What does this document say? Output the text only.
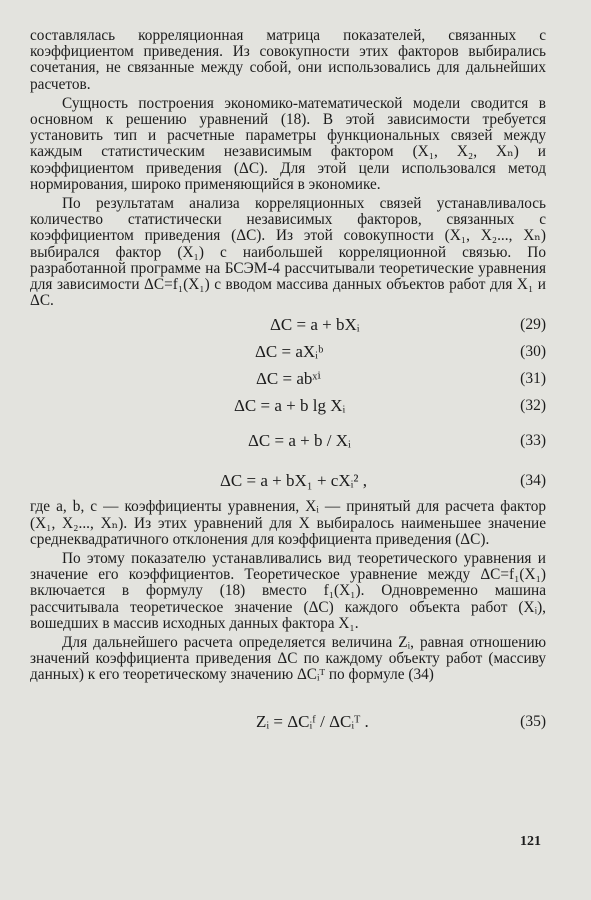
составлялась корреляционная матрица показателей, связанных с коэффициентом приведения. Из совокупности этих факторов выбирались сочетания, не связанные между собой, они использовались для дальнейших расчетов.

Сущность построения экономико-математической модели сводится в основном к решению уравнений (18). В этой зависимости требуется установить тип и расчетные параметры функциональных связей между каждым статистическим независимым фактором (X₁, X₂, Xₙ) и коэффициентом приведения (ΔC). Для этой цели использовался метод нормирования, широко применяющийся в экономике.

По результатам анализа корреляционных связей устанавливалось количество статистически независимых факторов, связанных с коэффициентом приведения (ΔC). Из этой совокупности (X₁, X₂..., Xₙ) выбирался фактор (X₁) с наибольшей корреляционной связью. По разработанной программе на БСЭМ-4 рассчитывали теоретические уравнения для зависимости ΔC=f₁(X₁) с вводом массива данных объектов работ для X₁ и ΔC.

ΔC = a + bXᵢ	(29)
ΔC = aXᵢᵇ	(30)
ΔC = abˣⁱ	(31)
ΔC = a + b lg Xᵢ	(32)
ΔC = a + b / Xᵢ	(33)
ΔC = a + bX₁ + cXᵢ² ,	(34)

где a, b, c — коэффициенты уравнения, Xᵢ — принятый для расчета фактор (X₁, X₂..., Xₙ). Из этих уравнений для X выбиралось наименьшее значение среднеквадратичного отклонения для коэффициента приведения (ΔC).

По этому показателю устанавливались вид теоретического уравнения и значение его коэффициентов. Теоретическое уравнение между ΔC=f₁(X₁) включается в формулу (18) вместо f₁(X₁). Одновременно машина рассчитывала теоретическое значение (ΔC) каждого объекта работ (Xᵢ), вошедших в массив исходных данных фактора X₁.

Для дальнейшего расчета определяется величина Zᵢ, равная отношению значений коэффициента приведения ΔC по каждому объекту работ (массиву данных) к его теоретическому значению ΔCᵢᵀ по формуле (34)

Zᵢ = ΔCᵢᶠ / ΔCᵢᵀ .	(35)
121
